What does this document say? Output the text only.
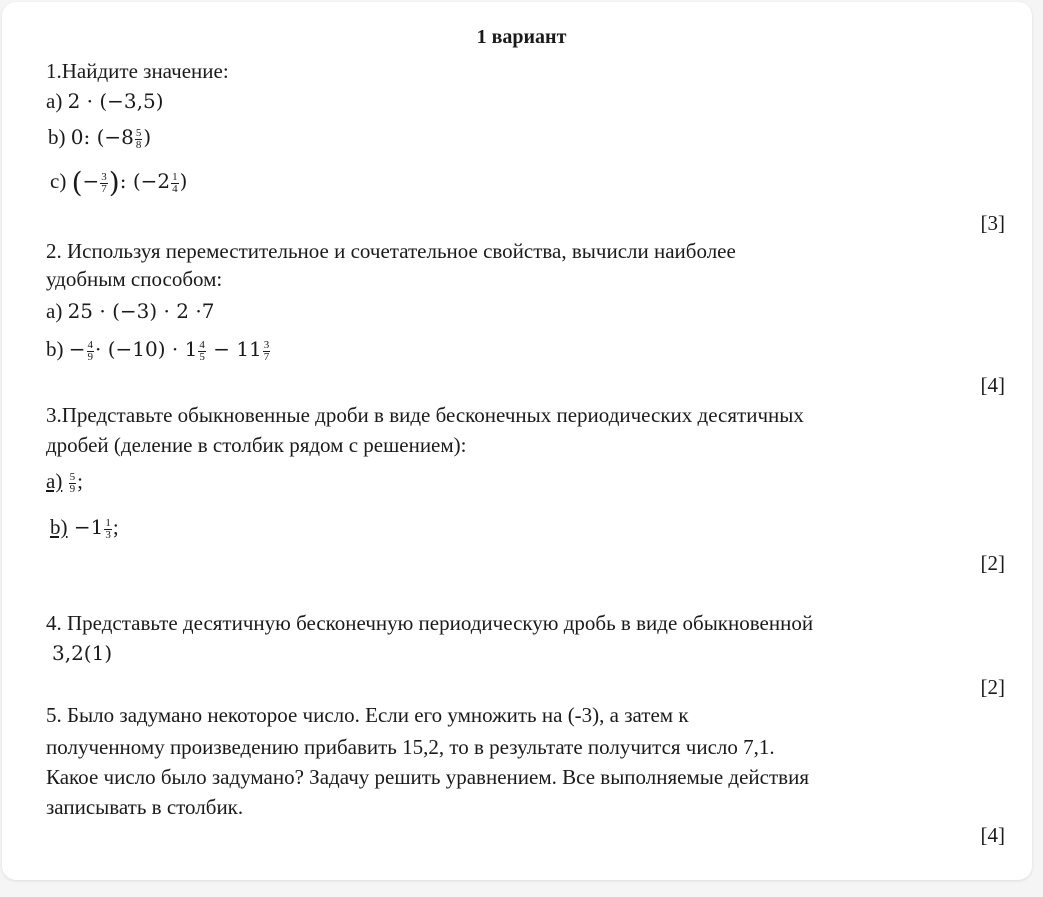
1 вариант
1.Найдите значение:
a) 2 · (−3,5)
b) 0: ($-8 \frac{5}{8}$ )
c) (− $\frac{3}{7}$ ): ($-2 \frac{1}{4}$ )
[3]
2. Используя переместительное и сочетательное свойства, вычисли наиболее
удобным способом:
a) 25 · (−3) · 2 ·7
$b) - \frac{4}{9} \cdot (-10) \cdot 1 \frac{4}{5} - 11 \frac{3}{7}$
[4]
3.Представьте обыкновенные дроби в виде бесконечных периодических десятичных
дробей (деление в столбик рядом с решением):
$a) \frac{5}{9}$ ;
$b) -1 \frac{1}{3}$ ;
[2]
4. Представьте десятичную бесконечную периодическую дробь в виде обыкновенной
3,2(1)
[2]
5. Было задумано некоторое число. Если его умножить на (-3), а затем к
полученному произведению прибавить 15,2, то в результате получится число 7,1.
Какое число было задумано? Задачу решить уравнением. Все выполняемые действия
записывать в столбик.
[4]
